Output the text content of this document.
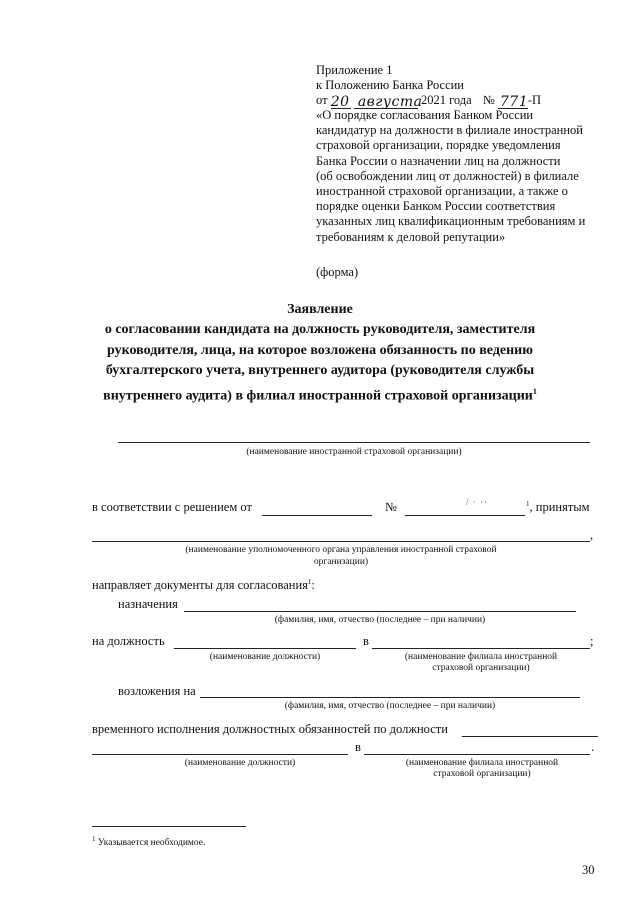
Приложение 1
к Положению Банка России
от 20
августа
2021 года № 771 -П
«О порядке согласования Банком России
кандидатур на должности в филиале иностранной
страховой организации, порядке уведомления
Банка России о назначении лиц на должности
(об освобождении лиц от должностей) в филиале
иностранной страховой организации, а также о
порядке оценки Банком России соответствия
указанных лиц квалификационным требованиям и
требованиям к деловой репутации»
(форма)
Заявление
о согласовании кандидата на должность руководителя, заместителя
руководителя, лица, на которое возложена обязанность по ведению
бухгалтерского учета, внутреннего аудитора (руководителя службы
внутреннего аудита) в филиал иностранной страховой организации$^1$
(наименование иностранной страховой организации)
в соответствии с решением от	№	/ · ··	$^1$, принятым
,
(наименование уполномоченного органа управления иностранной страховой
организации)
направляет документы для согласования$^1$:
назначения
(фамилия, имя, отчество (последнее – при наличии)
на должность	в	;
(наименование должности)	(наименование филиала иностранной
страховой организации)
возложения на
(фамилия, имя, отчество (последнее – при наличии)
временного исполнения должностных обязанностей по должности
в	.
(наименование должности)	(наименование филиала иностранной
страховой организации)
$^1$ Указывается необходимое.
30
